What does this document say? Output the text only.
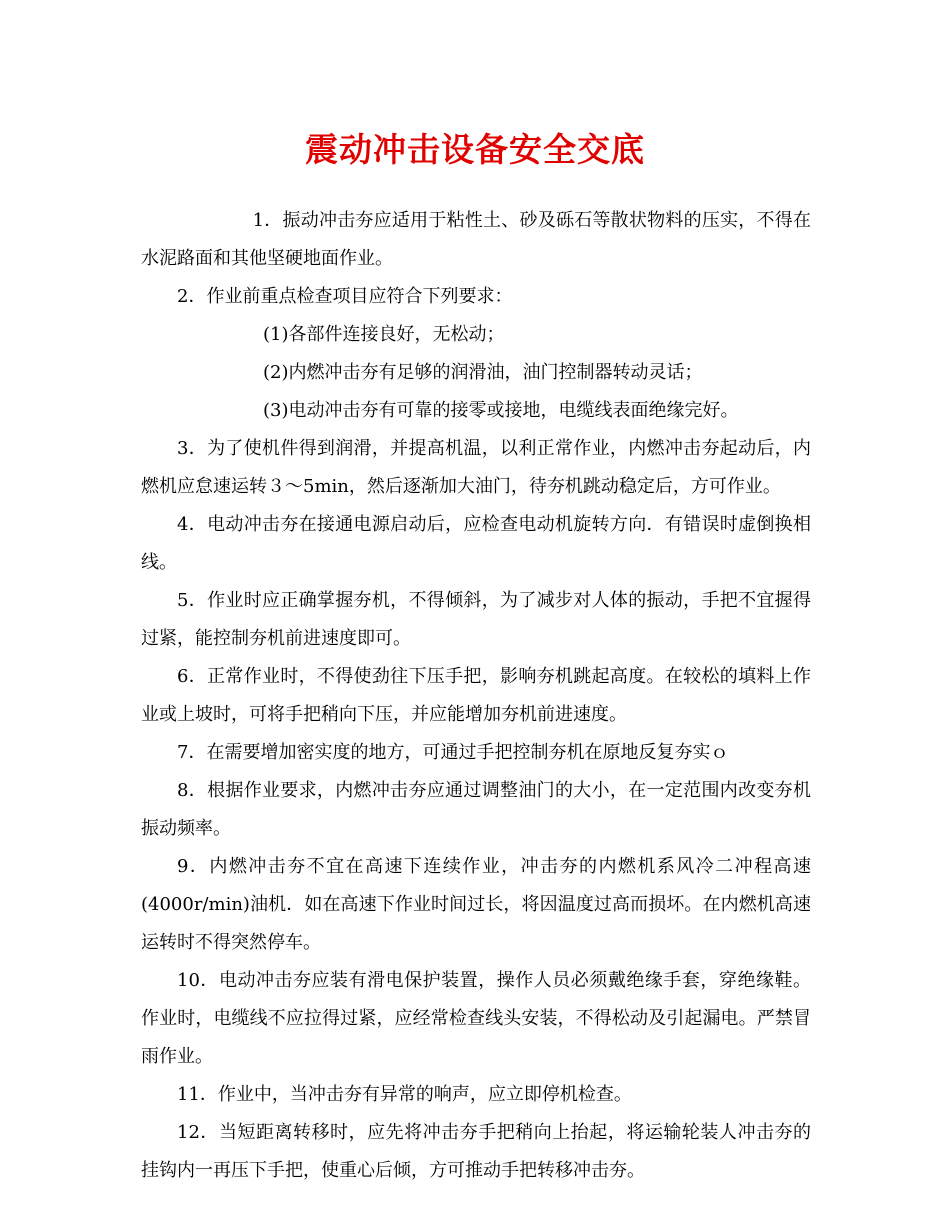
震动冲击设备安全交底

1．振动冲击夯应适用于粘性土、砂及砾石等散状物料的压实，不得在水泥路面和其他坚硬地面作业。

2．作业前重点检查项目应符合下列要求：

(1)各部件连接良好，无松动；

(2)内燃冲击夯有足够的润滑油，油门控制器转动灵话；

(3)电动冲击夯有可靠的接零或接地，电缆线表面绝缘完好。

3．为了使机件得到润滑，并提高机温，以利正常作业，内燃冲击夯起动后，内燃机应怠速运转３～5min，然后逐渐加大油门，待夯机跳动稳定后，方可作业。

4．电动冲击夯在接通电源启动后，应检查电动机旋转方向．有错误时虚倒换相线。

5．作业时应正确掌握夯机，不得倾斜，为了减步对人体的振动，手把不宜握得过紧，能控制夯机前进速度即可。

6．正常作业时，不得使劲往下压手把，影响夯机跳起高度。在较松的填料上作业或上坡时，可将手把稍向下压，并应能增加夯机前进速度。

7．在需要增加密实度的地方，可通过手把控制夯机在原地反复夯实ｏ

8．根据作业要求，内燃冲击夯应通过调整油门的大小，在一定范围内改变夯机振动频率。

9．内燃冲击夯不宜在高速下连续作业，冲击夯的内燃机系风冷二冲程高速(4000r/min)油机．如在高速下作业时间过长，将因温度过高而损坏。在内燃机高速运转时不得突然停车。

10．电动冲击夯应装有滑电保护装置，操作人员必须戴绝缘手套，穿绝缘鞋。作业时，电缆线不应拉得过紧，应经常检查线头安装，不得松动及引起漏电。严禁冒雨作业。

11．作业中，当冲击夯有异常的响声，应立即停机检查。

12．当短距离转移时，应先将冲击夯手把稍向上抬起，将运输轮装人冲击夯的挂钩内一再压下手把，使重心后倾，方可推动手把转移冲击夯。
